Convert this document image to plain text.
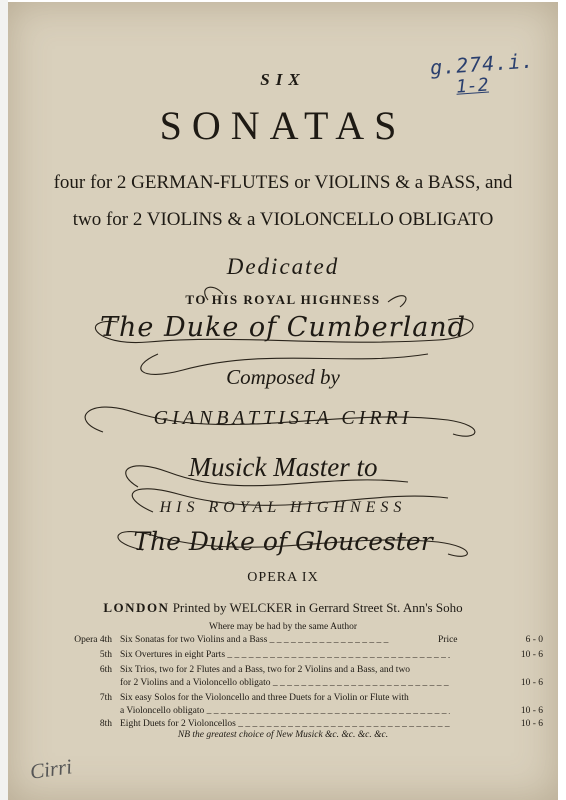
g.274.i.
1-2
SIX
SONATAS
four for 2 GERMAN-FLUTES or VIOLINS & a BASS, and
two for 2 VIOLINS & a VIOLONCELLO OBLIGATO
Dedicated
TO HIS ROYAL HIGHNESS
The Duke of Cumberland
Composed by
GIANBATTISTA CIRRI
Musick Master to
HIS ROYAL HIGHNESS
The Duke of Gloucester
OPERA IX
LONDON Printed by WELCKER in Gerrard Street St. Ann's Soho
Where may be had by the same Author
Opera 4th Six Sonatas for two Violins and a Bass _ _ _	Price	6 - 0
5th Six Overtures in eight Parts _ _ _	10 - 6
6th Six Trios, two for 2 Flutes and a Bass, two for 2 Violins and a Bass, and two
for 2 Violins and a Violoncello obligato _ _ _	10 - 6
7th Six easy Solos for the Violoncello and three Duets for a Violin or Flute with
a Violoncello obligato _ _ _	10 - 6
8th Eight Duets for 2 Violoncellos _ _ _	10 - 6
NB the greatest choice of New Musick &c. &c. &c. &c.
Cirri
